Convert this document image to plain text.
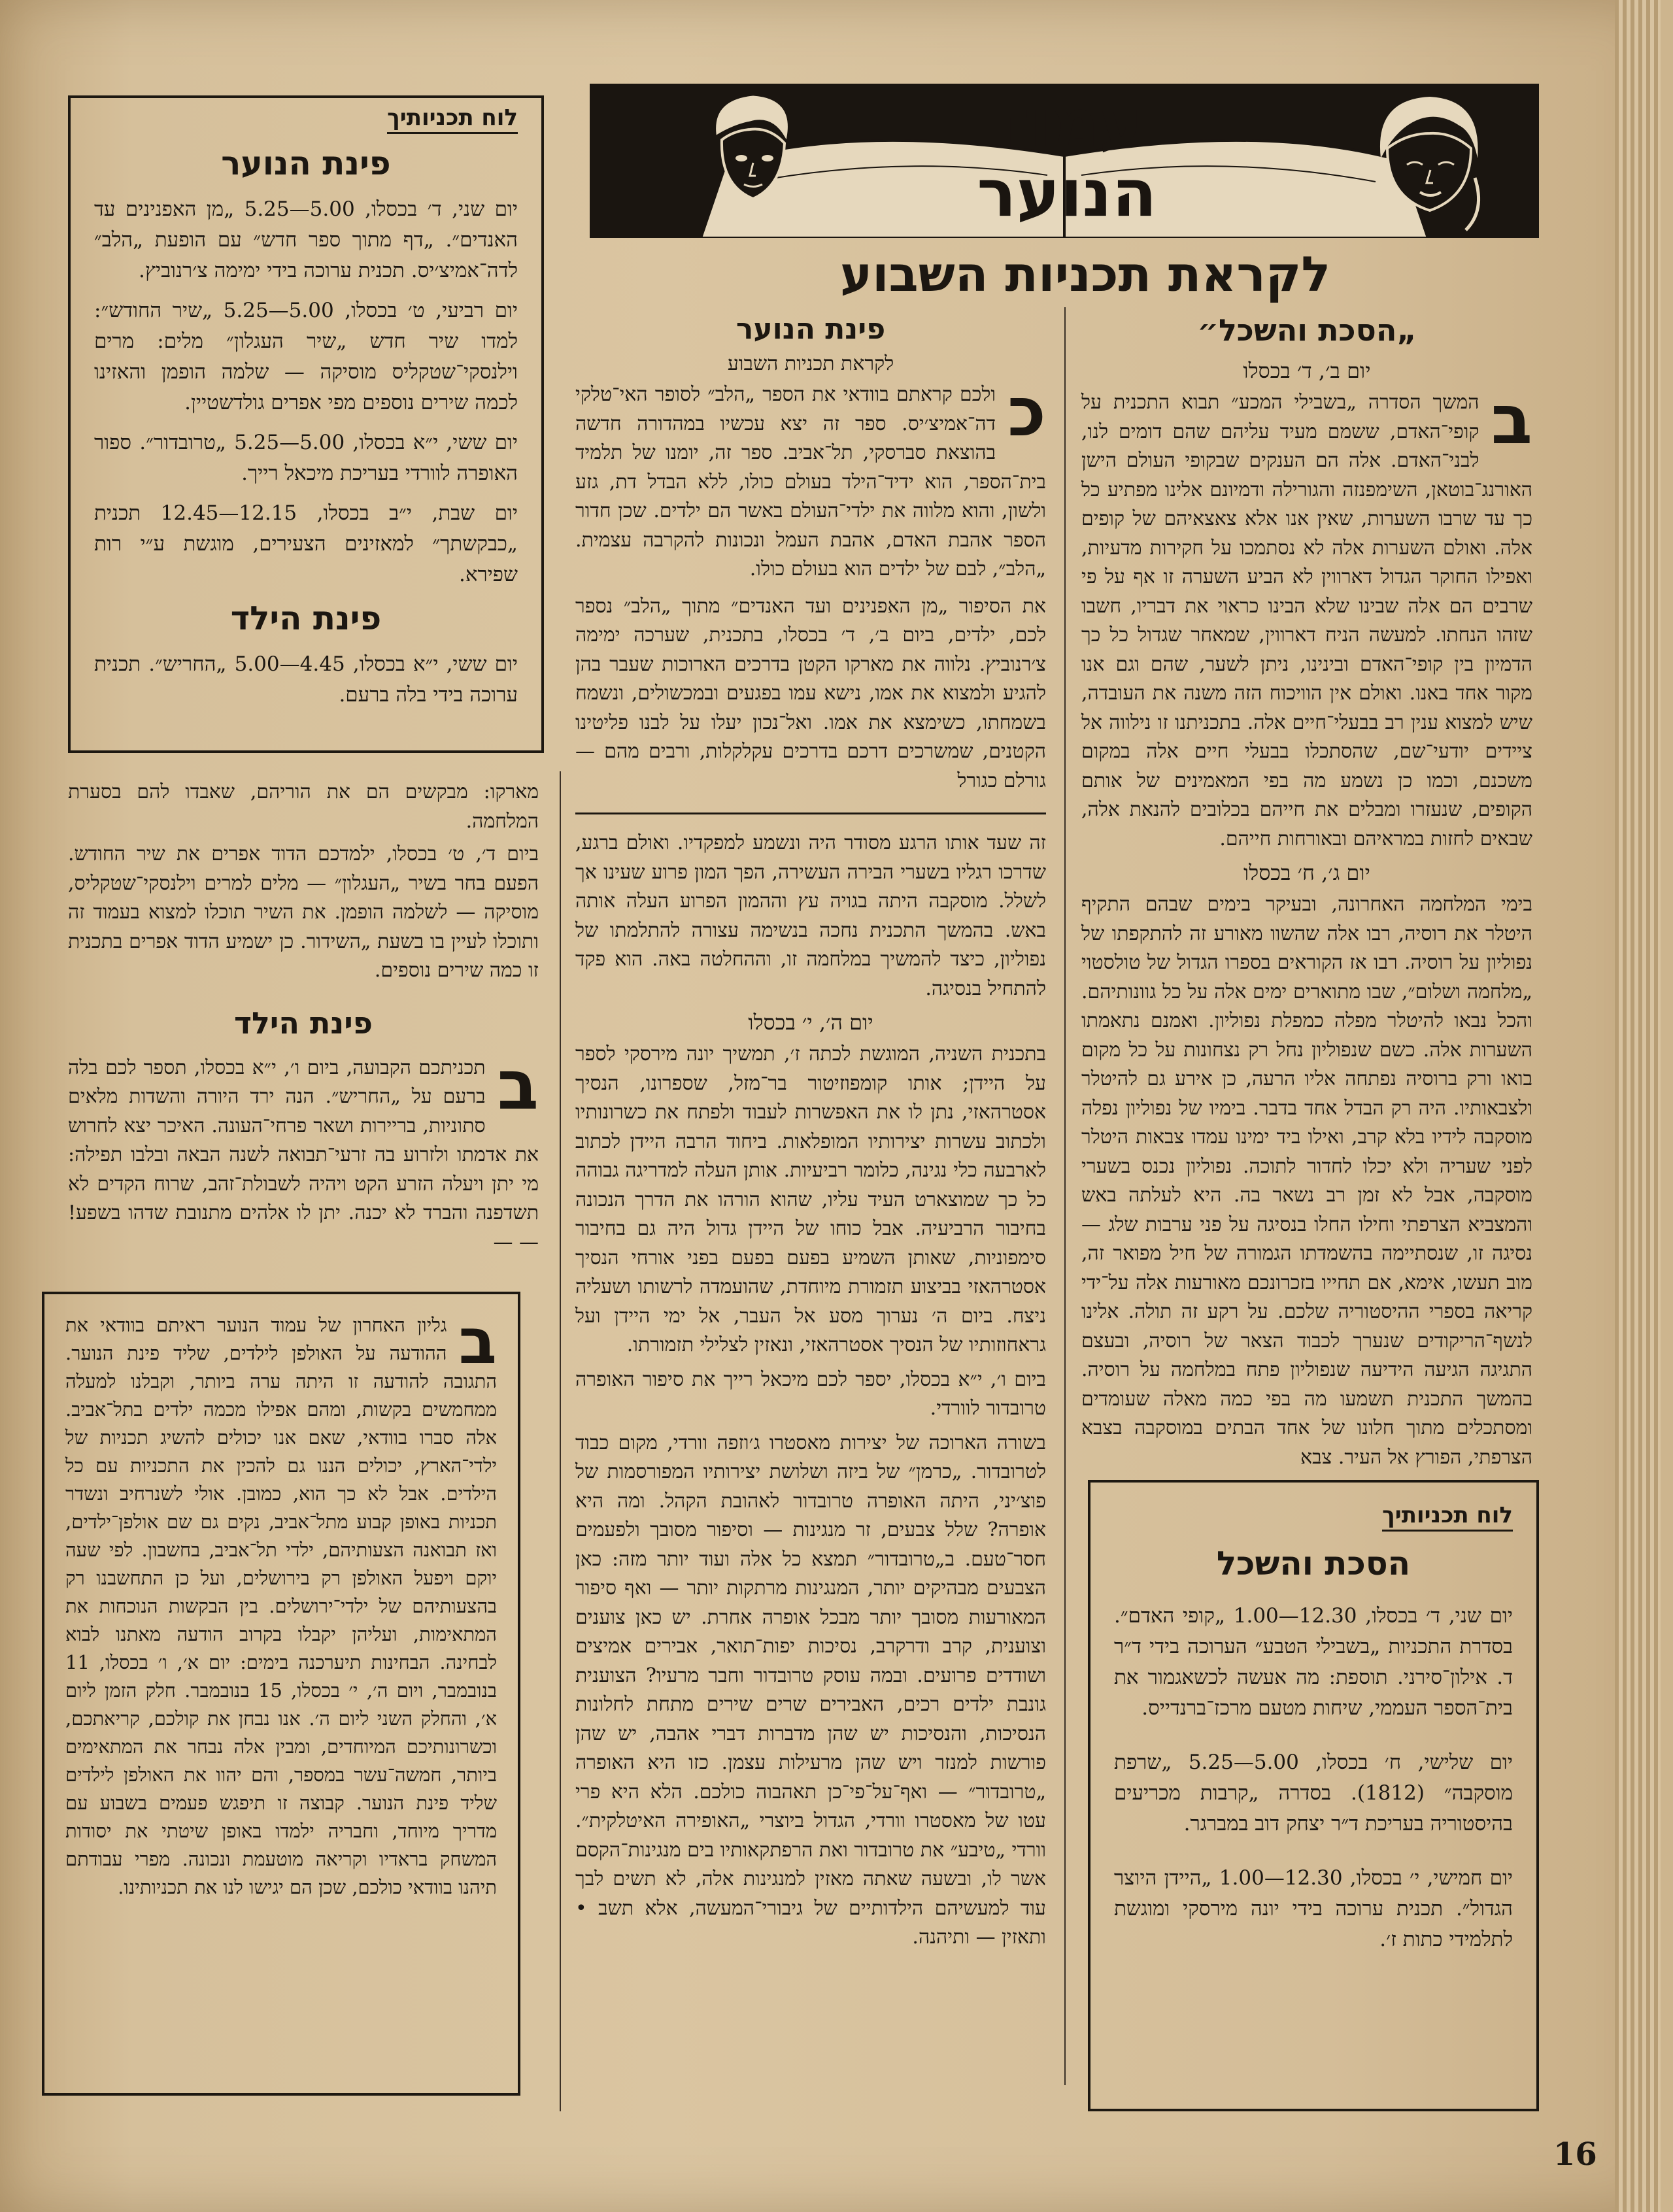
עמוד
הנוער
לקראת תכניות השבוע
לוח תכניותיך
פינת הנוער

יום שני, ד׳ בכסלו, 5.00—5.25 „מן האפנינים עד האנדים״. „דף מתוך ספר חדש״ עם הופעת „הלב״ לדה־אמיצ׳יס. תכנית ערוכה בידי ימימה צ׳רנוביץ.

יום רביעי, ט׳ בכסלו, 5.00—5.25 „שיר החודש״: למדו שיר חדש „שיר העגלון״ מלים: מרים וילנסקי־שטקליס מוסיקה — שלמה הופמן והאזינו לכמה שירים נוספים מפי אפרים גולדשטיין.

יום ששי, י״א בכסלו, 5.00—5.25 „טרובדור״. ספור האופרה לוורדי בעריכת מיכאל רייך.

יום שבת, י״ב בכסלו, 12.15—12.45 תכנית „כבקשתך״ למאזינים הצעירים, מוגשת ע״י רות שפירא.

פינת הילד

יום ששי, י״א בכסלו, 4.45—5.00 „החריש״. תכנית ערוכה בידי בלה ברעם.

„הסכת והשכל״
יום ב׳, ד׳ בכסלו

ב
המשך הסדרה „בשבילי המכע״ תבוא התכנית על קופי־האדם, ששמם מעיד עליהם שהם דומים לנו, לבני־האדם. אלה הם הענקים שבקופי העולם הישן האורנג־בוטאן, השימפנזה והגורילה ודמיונם אלינו מפתיע כל כך עד שרבו השערות, שאין אנו אלא צאצאיהם של קופים אלה. ואולם השערות אלה לא נסתמכו על חקירות מדעיות, ואפילו החוקר הגדול דארווין לא הביע השערה זו אף על פי שרבים הם אלה שבינו שלא הבינו כראוי את דבריו, חשבו שזהו הנחתו. למעשה הניח דארווין, שמאחר שגדול כל כך הדמיון בין קופי־האדם ובינינו, ניתן לשער, שהם וגם אנו מקור אחד באנו. ואולם אין הוויכוח הזה משנה את העובדה, שיש למצוא ענין רב בבעלי־חיים אלה. בתכניתנו זו נילווה אל ציידים יודעי־שם, שהסתכלו בבעלי חיים אלה במקום משכנם, וכמו כן נשמע מה בפי המאמינים של אותם הקופים, שנעזרו ומבלים את חייהם בכלובים להנאת אלה, שבאים לחזות במראיהם ובאורחות חייהם.

יום ג׳, ח׳ בכסלו

בימי המלחמה האחרונה, ובעיקר בימים שבהם התקיף היטלר את רוסיה, רבו אלה שהשוו מאורע זה להתקפתו של נפוליון על רוסיה. רבו אז הקוראים בספרו הגדול של טולסטוי „מלחמה ושלום״, שבו מתוארים ימים אלה על כל גוונותיהם. והכל נבאו להיטלר מפלה כמפלת נפוליון. ואמנם נתאמתו השערות אלה. כשם שנפוליון נחל רק נצחונות על כל מקום בואו ורק ברוסיה נפתחה אליו הרעה, כן אירע גם להיטלר ולצבאותיו. היה רק הבדל אחד בדבר. בימיו של נפוליון נפלה מוסקבה לידיו בלא קרב, ואילו ביד ימינו עמדו צבאות היטלר לפני שעריה ולא יכלו לחדור לתוכה. נפוליון נכנס בשערי מוסקבה, אבל לא זמן רב נשאר בה. היא לעלתה באש והמצביא הצרפתי וחילו החלו בנסיגה על פני ערבות שלג — נסיגה זו, שנסתיימה בהשמדתו הגמורה של חיל מפואר זה, מוב תעשו, אימא, אם תחייו בזכרונכם מאורעות אלה על־ידי קריאה בספרי ההיסטוריה שלכם. על רקע זה תולה. אלינו לנשף־הריקודים שנערך לכבוד הצאר של רוסיה, ובעצם התגיגה הגיעה הידיעה שנפוליון פתח במלחמה על רוסיה. בהמשך התכנית תשמעו מה בפי כמה מאלה שעומדים ומסתכלים מתוך חלונו של אחד הבתים במוסקבה בצבא הצרפתי, הפורץ אל העיר. צבא

פינת הנוער
לקראת תכניות השבוע

כ
ולכם קראתם בוודאי את הספר „הלב״ לסופר האי־טלקי דה־אמיצ׳יס. ספר זה יצא עכשיו במהדורה חדשה בהוצאת סברסקי, תל־אביב. ספר זה, יומנו של תלמיד בית־הספר, הוא ידיד־הילד בעולם כולו, ללא הבדל דת, גזע ולשון, והוא מלווה את ילדי־העולם באשר הם ילדים. שכן חדור הספר אהבת האדם, אהבת העמל ונכונות להקרבה עצמית. „הלב״, לבם של ילדים הוא בעולם כולו.

את הסיפור „מן האפנינים ועד האנדים״ מתוך „הלב״ נספר לכם, ילדים, ביום ב׳, ד׳ בכסלו, בתכנית, שערכה ימימה צ׳רנוביץ. נלווה את מארקו הקטן בדרכים הארוכות שעבר בהן להגיע ולמצוא את אמו, נישא עמו בפגעים ובמכשולים, ונשמח בשמחתו, כשימצא את אמו. ואל־נכון יעלו על לבנו פליטינו הקטנים, שמשרכים דרכם בדרכים עקלקלות, ורבים מהם — גורלם כגורל

זה שעד אותו הרגע מסודר היה ונשמע למפקדיו. ואולם ברגע, שדרכו רגליו בשערי הבירה העשירה, הפך המון פרוע שעינו אך לשלל. מוסקבה היתה בגויה עץ וההמון הפרוע העלה אותה באש. בהמשך התכנית נחכה בנשימה עצורה להתלמתו של נפוליון, כיצד להמשיך במלחמה זו, וההחלטה באה. הוא פקד להתחיל בנסיגה.

יום ה׳, י׳ בכסלו

בתכנית השניה, המוגשת לכתה ז׳, תמשיך יונה מירסקי לספר על היידן; אותו קומפוזיטור בר־מזל, שספרונו, הנסיך אסטרהאזי, נתן לו את האפשרות לעבוד ולפתח את כשרונותיו ולכתוב עשרות יצירותיו המופלאות. ביחוד הרבה היידן לכתוב לארבעה כלי נגינה, כלומר רביעיות. אותן העלה למדריגה גבוהה כל כך שמוצארט העיד עליו, שהוא הורהו את הדרך הנכונה בחיבור הרביעיה. אבל כוחו של היידן גדול היה גם בחיבור סימפוניות, שאותן השמיע בפעם בפעם בפני אורחי הנסיך אסטרהאזי בביצוע תזמורת מיוחדת, שהועמדה לרשותו ושעליה ניצח. ביום ה׳ נערוך מסע אל העבר, אל ימי היידן ועל גראחוזותיו של הנסיך אסטרהאזי, ונאזין לצלילי תזמורתו.

ביום ו׳, י״א בכסלו, יספר לכם מיכאל רייך את סיפור האופרה טרובדור לוורדי.

בשורה הארוכה של יצירות מאסטרו ג׳וזפה וורדי, מקום כבוד לטרובדור. „כרמן״ של ביזה ושלושת יצירותיו המפורסמות של פוצ׳יני, היתה האופרה טרובדור לאהובת הקהל. ומה היא אופרה? שלל צבעים, זר מנגינות — וסיפור מסובך ולפעמים חסר־טעם. ב„טרובדור״ תמצא כל אלה ועוד יותר מזה: כאן הצבעים מבהיקים יותר, המנגינות מרתקות יותר — ואף סיפור המאורעות מסובך יותר מבכל אופרה אחרת. יש כאן צוענים וצוענית, קרב ודרקרב, נסיכות יפות־תואר, אבירים אמיצים ושודדים פרועים. ובמה עוסק טרובדור וחבר מרעיו? הצוענית גונבת ילדים רכים, האבירים שרים שירים מתחת לחלונות הנסיכות, והנסיכות יש שהן מדברות דברי אהבה, יש שהן פורשות למנזר ויש שהן מרעילות עצמן. כזו היא האופרה „טרובדור״ — ואף־על־פי־כן תאהבוה כולכם. הלא היא פרי עטו של מאסטרו וורדי, הגדול ביוצרי „האופירה האיטלקית״. וורדי „טיבע״ את טרובדור ואת הרפתקאותיו בים מנגינות־הקסם אשר לו, ובשעה שאתה מאזין למנגינות אלה, לא תשים לבך עוד למעשיהם הילדותיים של גיבורי־המעשה, אלא תשב • ותאזין — ותיהנה.

מארקו: מבקשים הם את הוריהם, שאבדו להם בסערת המלחמה.

ביום ד׳, ט׳ בכסלו, ילמדכם הדוד אפרים את שיר החודש. הפעם בחר בשיר „העגלון״ — מלים למרים וילנסקי־שטקליס, מוסיקה — לשלמה הופמן. את השיר תוכלו למצוא בעמוד זה ותוכלו לעיין בו בשעת „השידור. כן ישמיע הדוד אפרים בתכנית זו כמה שירים נוספים.

פינת הילד

ב
תכניתכם הקבועה, ביום ו׳, י״א בכסלו, תספר לכם בלה ברעם על „החריש״. הנה ירד היורה והשדות מלאים סתוניות, בריירות ושאר פרחי־העונה. האיכר יצא לחרוש את אדמתו ולזרוע בה זרעי־תבואה לשנה הבאה ובלבו תפילה: מי יתן ויעלה הזרע הקט ויהיה לשבולת־זהב, שרוח הקדים לא תשדפנה והברד לא יכנה. יתן לו אלהים מתנובת שדהו בשפע! — —

ב
גליון האחרון של עמוד הנוער ראיתם בוודאי את ההודעה על האולפן לילדים, שליד פינת הנוער. התגובה להודעה זו היתה ערה ביותר, וקבלנו למעלה ממחמשים בקשות, ומהם אפילו מכמה ילדים בתל־אביב. אלה סברו בוודאי, שאם אנו יכולים להשיג תכניות של ילדי־הארץ, יכולים הננו גם להכין את התכניות עם כל הילדים. אבל לא כך הוא, כמובן. אולי לשנרחיב ונשדר תכניות באופן קבוע מתל־אביב, נקים גם שם אולפן־ילדים, ואז תבואנה הצעותיהם, ילדי תל־אביב, בחשבון. לפי שעה יוקם ויפעל האולפן רק בירושלים, ועל כן התחשבנו רק בהצעותיהם של ילדי־ירושלים. בין הבקשות הנוכחות את המתאימות, ועליהן יקבלו בקרוב הודעה מאתנו לבוא לבחינה. הבחינות תיערכנה בימים: יום א׳, ו׳ בכסלו, 11 בנובמבר, ויום ה׳, י׳ בכסלו, 15 בנובמבר. חלק הזמן ליום א׳, והחלק השני ליום ה׳. אנו נבחן את קולכם, קריאתכם, וכשרונותיכם המיוחדים, ומבין אלה נבחר את המתאימים ביותר, חמשה־עשר במספר, והם יהוו את האולפן לילדים שליד פינת הנוער. קבוצה זו תיפגש פעמים בשבוע עם מדריך מיוחד, וחבריה ילמדו באופן שיטתי את יסודות המשחק בראדיו וקריאה מוטעמת ונכונה. מפרי עבודתם תיהנו בוודאי כולכם, שכן הם יגישו לנו את תכניותינו.

לוח תכניותיך
הסכת והשכל

יום שני, ד׳ בכסלו, 12.30—1.00 „קופי האדם״. בסדרת התכניות „בשבילי הטבע״ הערוכה בידי ד״ר ד. אילון־סירני. תוספת: מה אעשה לכשאגמור את בית־הספר העממי, שיחות מטעם מרכז־ברנדייס.

יום שלישי, ח׳ בכסלו, 5.00—5.25 „שרפת מוסקבה״ (1812). בסדרה „קרבות מכריעים בהיסטוריה בעריכת ד״ר יצחק דוב במברגר.

יום חמישי, י׳ בכסלו, 12.30—1.00 „היידן היוצר הגדול״. תכנית ערוכה בידי יונה מירסקי ומוגשת לתלמידי כתות ז׳.

16
